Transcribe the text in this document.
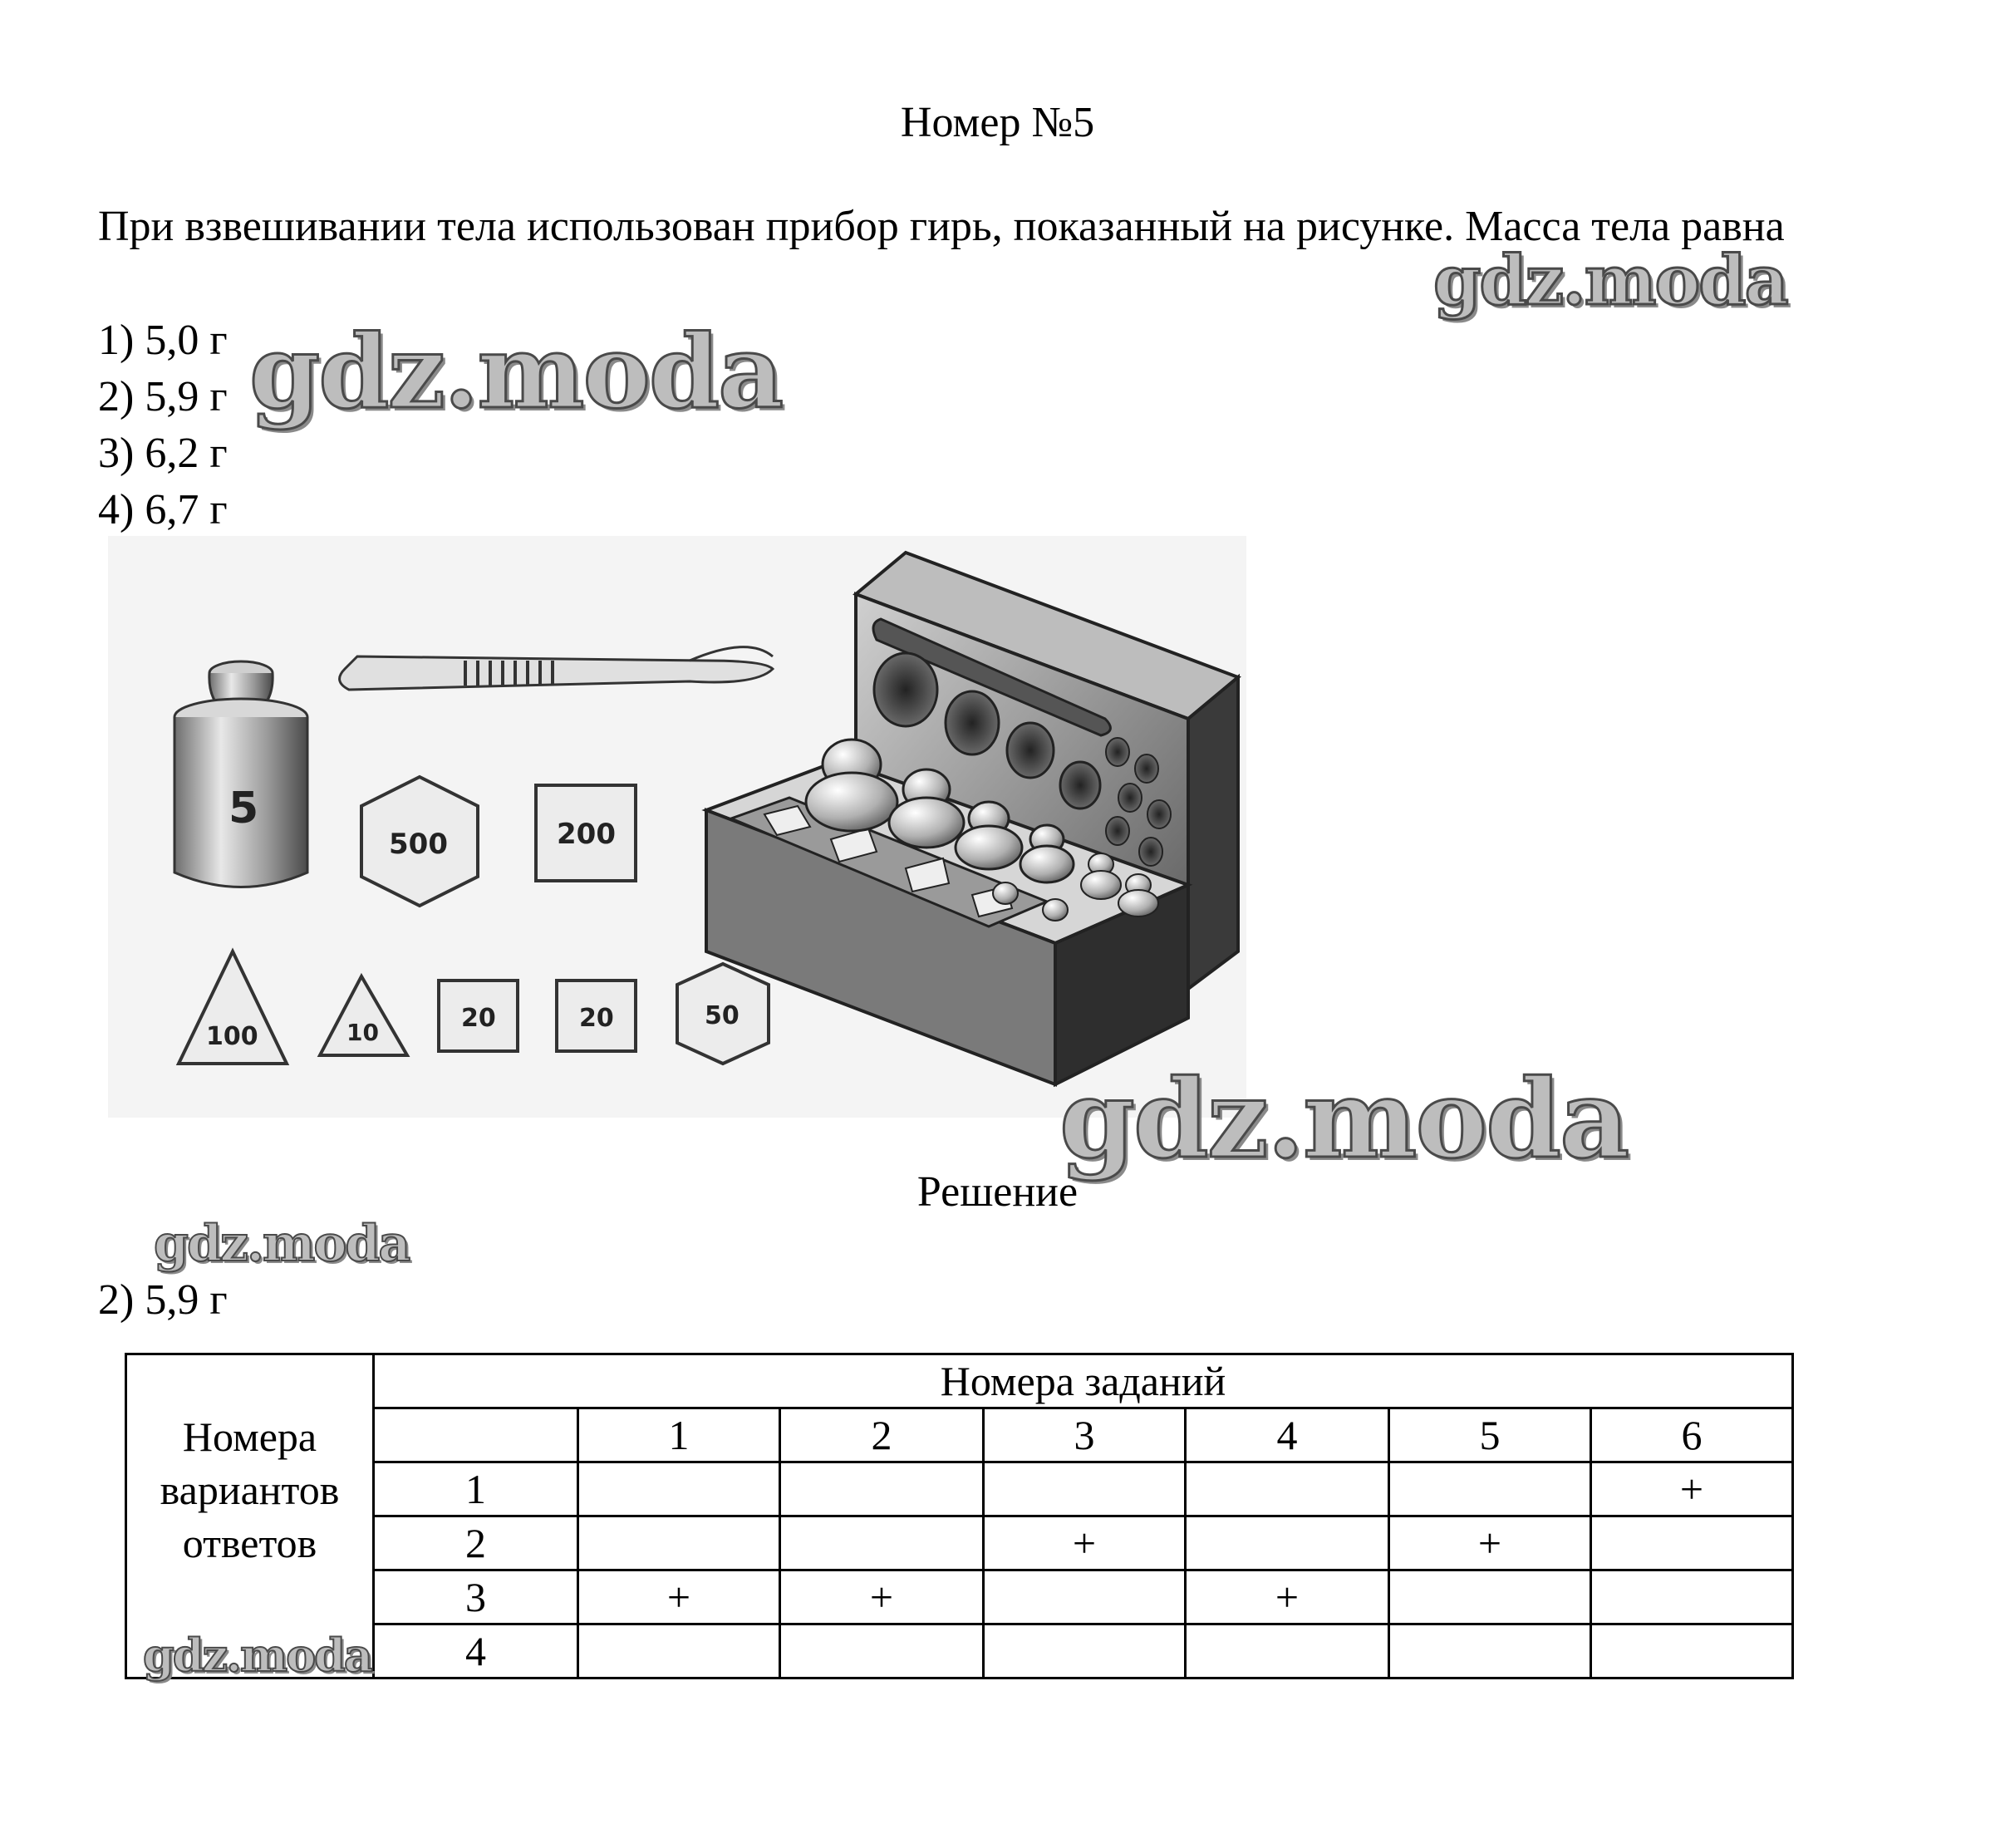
Номер №5
При взвешивании тела использован прибор гирь, показанный на рисунке. Масса тела равна
1) 5,0 г
2) 5,9 г
3) 6,2 г
4) 6,7 г
gdz.moda
gdz.moda
5
500	200
100	10	20	20	50
gdz.moda
Решение
gdz.moda
2) 5,9 г
Номера
вариантов
ответов	Номера заданий						
		1	2	3	4	5	6
	1						+
	2			+		+	
	3	+	+		+		
	4						
gdz.moda
